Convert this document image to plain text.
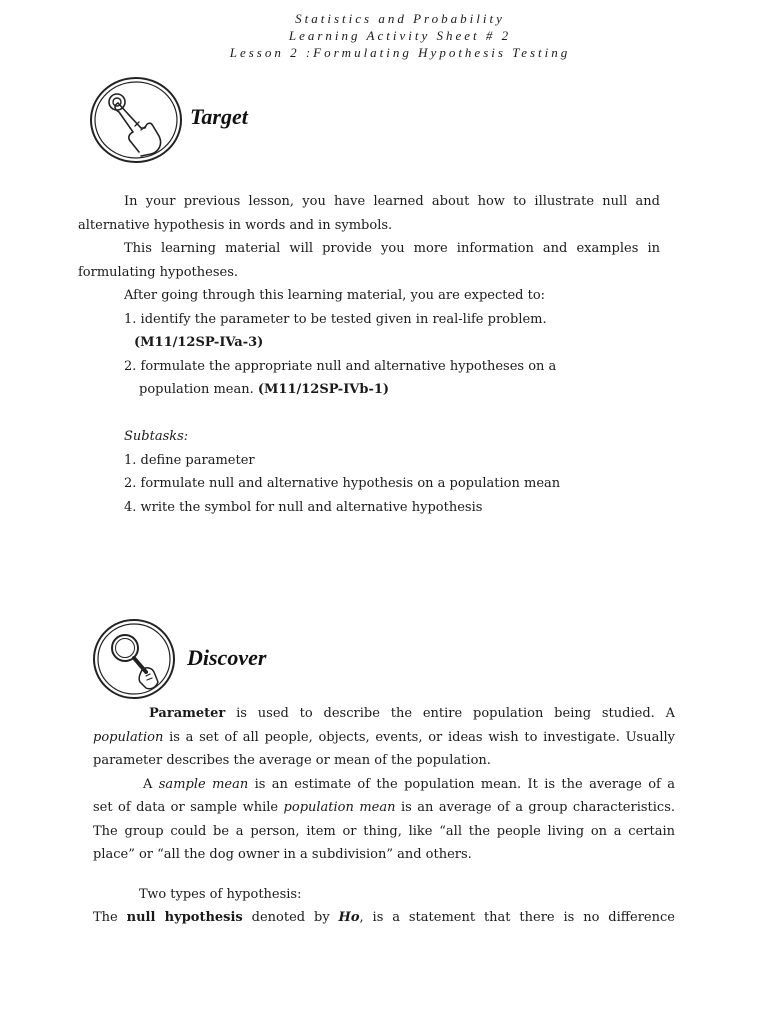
Statistics and Probability
Learning Activity Sheet # 2
Lesson 2 :Formulating Hypothesis Testing
Target
In your previous lesson, you have learned about how to illustrate null and
alternative hypothesis in words and in symbols.
This learning material will provide you more information and examples in
formulating hypotheses.
After going through this learning material, you are expected to:
1. identify the parameter to be tested given in real-life problem.
(M11/12SP-IVa-3)
2. formulate the appropriate null and alternative hypotheses on a
population mean. (M11/12SP-IVb-1)
Subtasks:
1. define parameter
2. formulate null and alternative hypothesis on a population mean
4. write the symbol for null and alternative hypothesis
Discover
Parameter is used to describe the entire population being studied. A
population is a set of all people, objects, events, or ideas wish to investigate. Usually
parameter describes the average or mean of the population.
A sample mean is an estimate of the population mean. It is the average of a
set of data or sample while population mean is an average of a group characteristics.
The group could be a person, item or thing, like “all the people living on a certain
place” or “all the dog owner in a subdivision” and others.
Two types of hypothesis:
The null hypothesis denoted by Ho, is a statement that there is no difference
